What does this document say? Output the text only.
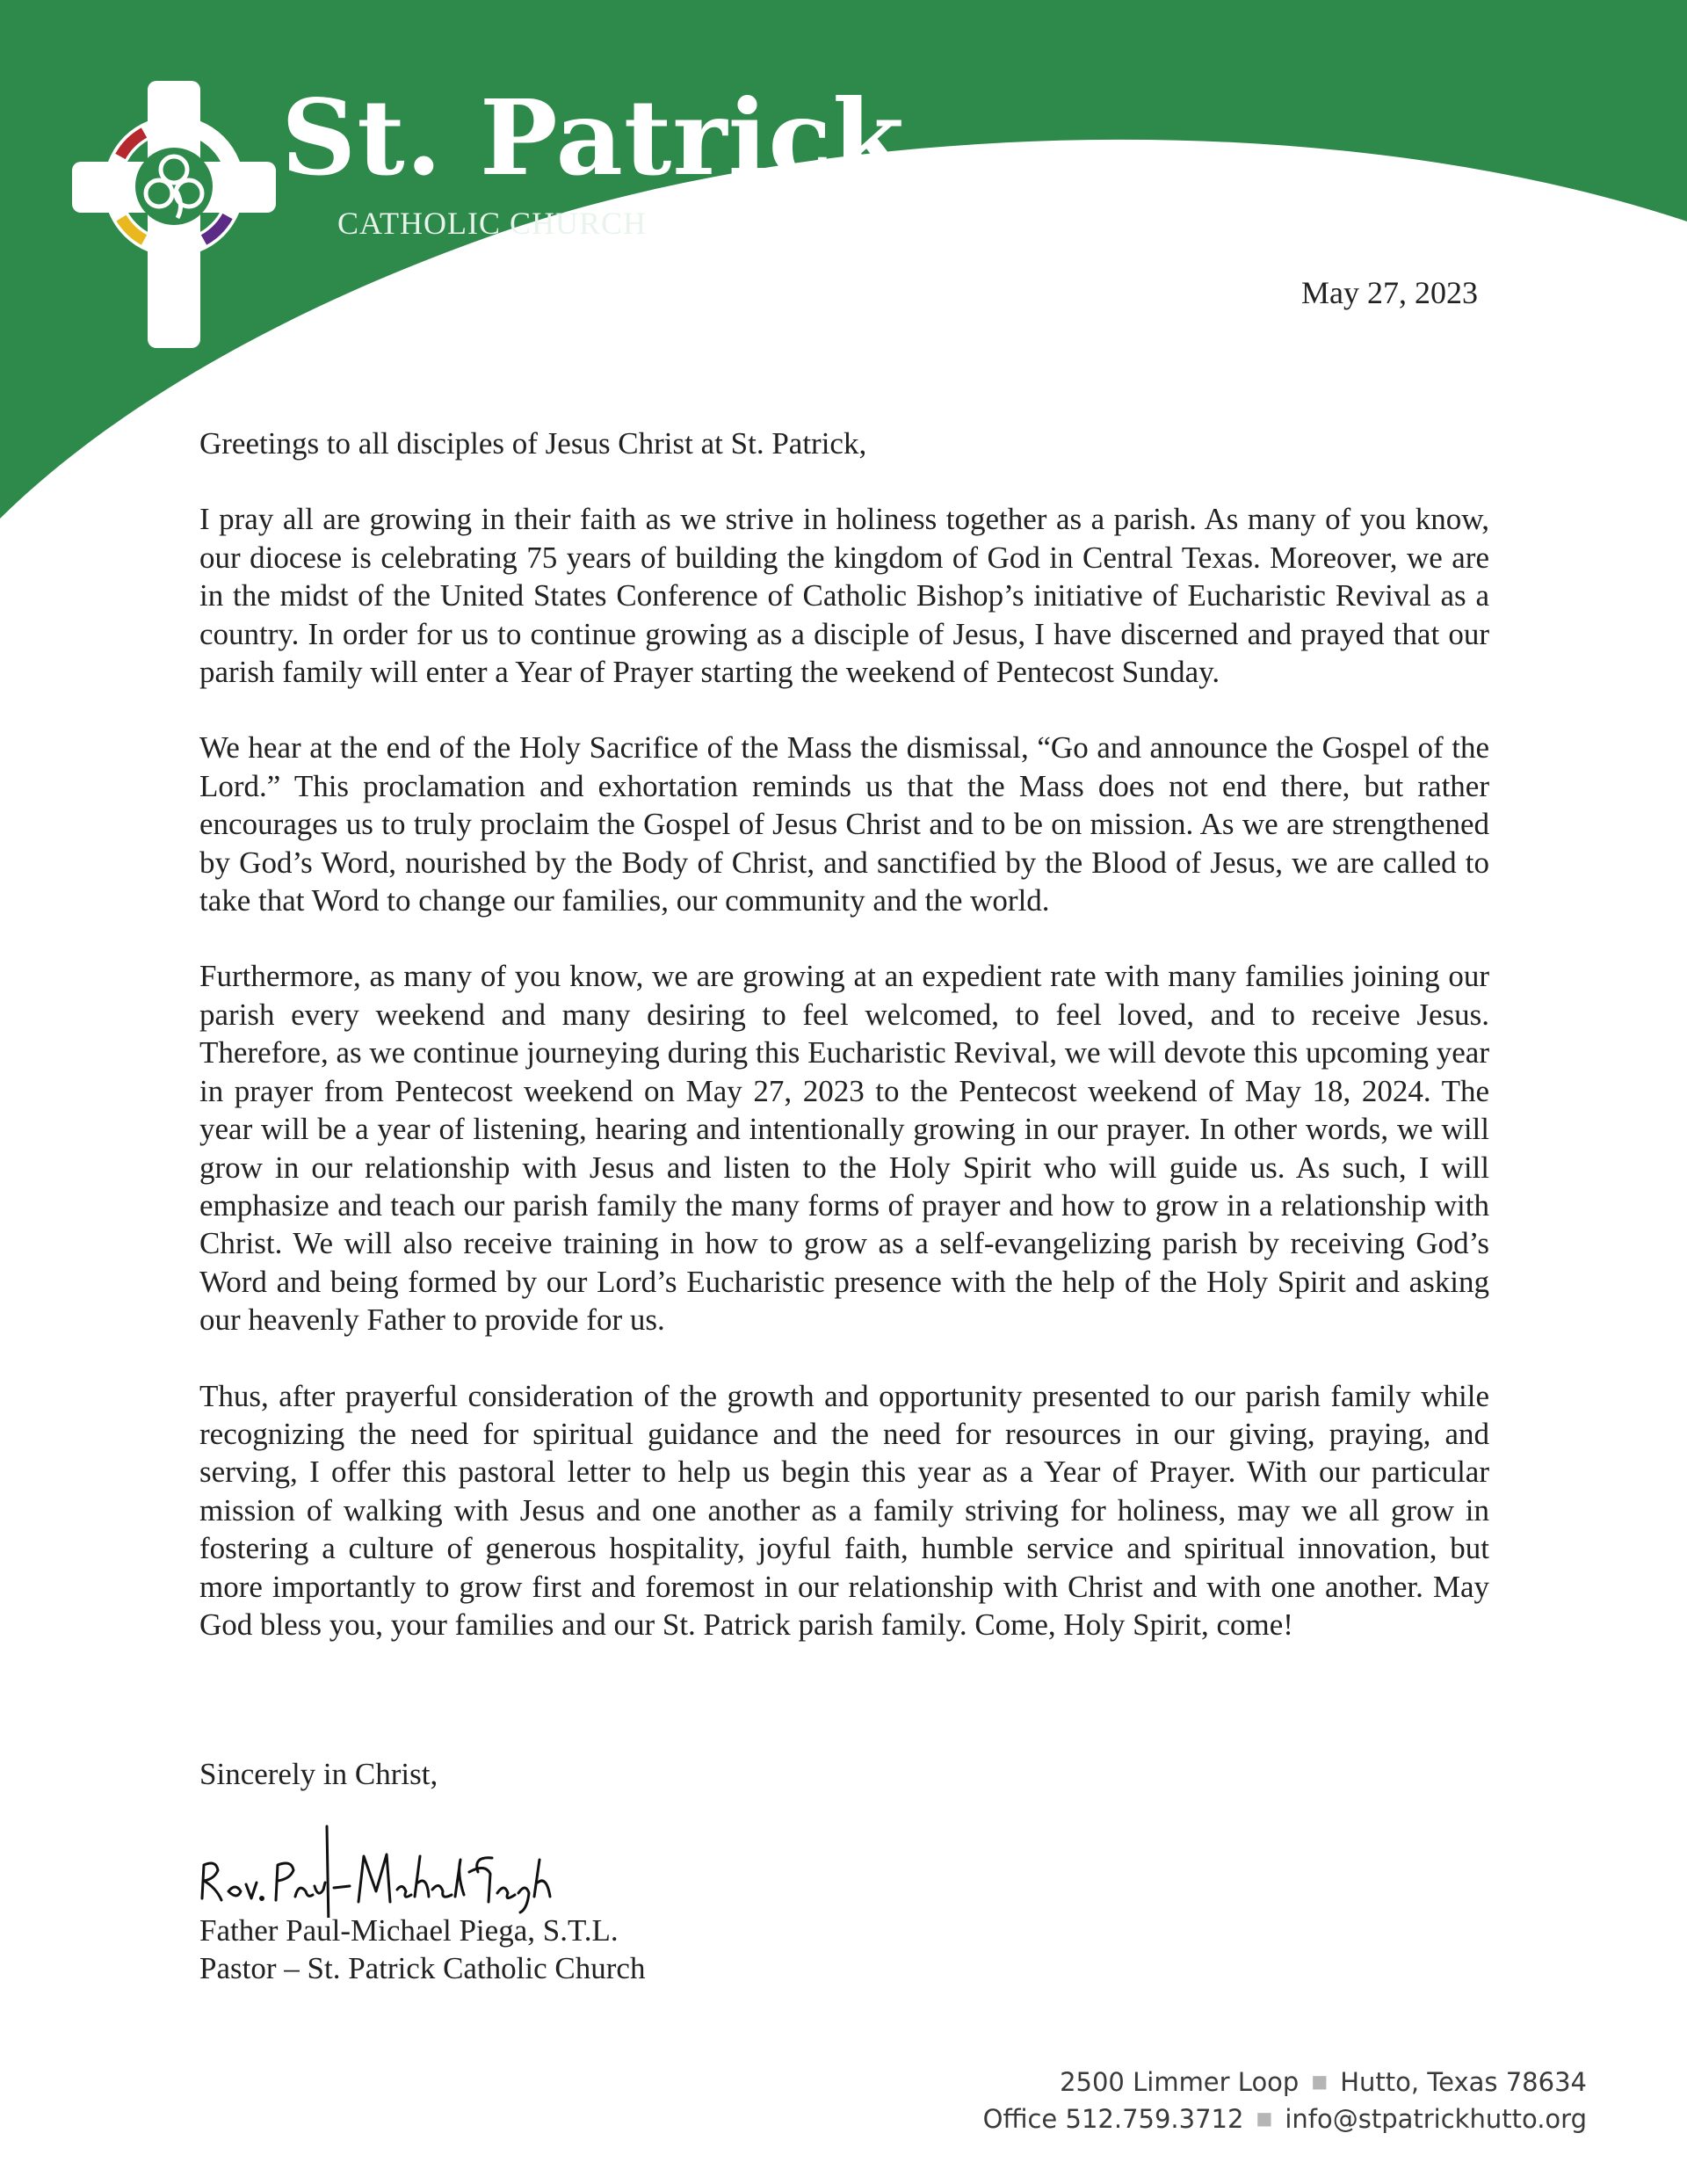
St. Patrick
CATHOLIC CHURCH
May 27, 2023

Greetings to all disciples of Jesus Christ at St. Patrick,

I pray all are growing in their faith as we strive in holiness together as a parish. As many of you know, our diocese is celebrating 75 years of building the kingdom of God in Central Texas. Moreover, we are in the midst of the United States Conference of Catholic Bishop’s initiative of Eucharistic Revival as a country. In order for us to continue growing as a disciple of Jesus, I have discerned and prayed that our parish family will enter a Year of Prayer starting the weekend of Pentecost Sunday.

We hear at the end of the Holy Sacrifice of the Mass the dismissal, “Go and announce the Gospel of the Lord.” This proclamation and exhortation reminds us that the Mass does not end there, but rather encourages us to truly proclaim the Gospel of Jesus Christ and to be on mission. As we are strengthened by God’s Word, nourished by the Body of Christ, and sanctified by the Blood of Jesus, we are called to take that Word to change our families, our community and the world.

Furthermore, as many of you know, we are growing at an expedient rate with many families joining our parish every weekend and many desiring to feel welcomed, to feel loved, and to receive Jesus. Therefore, as we continue journeying during this Eucharistic Revival, we will devote this upcoming year in prayer from Pentecost weekend on May 27, 2023 to the Pentecost weekend of May 18, 2024. The year will be a year of listening, hearing and intentionally growing in our prayer. In other words, we will grow in our relationship with Jesus and listen to the Holy Spirit who will guide us. As such, I will emphasize and teach our parish family the many forms of prayer and how to grow in a relationship with Christ. We will also receive training in how to grow as a self-evangelizing parish by receiving God’s Word and being formed by our Lord’s Eucharistic presence with the help of the Holy Spirit and asking our heavenly Father to provide for us.

Thus, after prayerful consideration of the growth and opportunity presented to our parish family while recognizing the need for spiritual guidance and the need for resources in our giving, praying, and serving, I offer this pastoral letter to help us begin this year as a Year of Prayer. With our particular mission of walking with Jesus and one another as a family striving for holiness, may we all grow in fostering a culture of generous hospitality, joyful faith, humble service and spiritual innovation, but more importantly to grow first and foremost in our relationship with Christ and with one another. May God bless you, your families and our St. Patrick parish family. Come, Holy Spirit, come!

Sincerely in Christ,
Father Paul-Michael Piega, S.T.L.
Pastor – St. Patrick Catholic Church
2500 Limmer Loop ■ Hutto, Texas 78634
Office 512.759.3712 ■ info@stpatrickhutto.org
